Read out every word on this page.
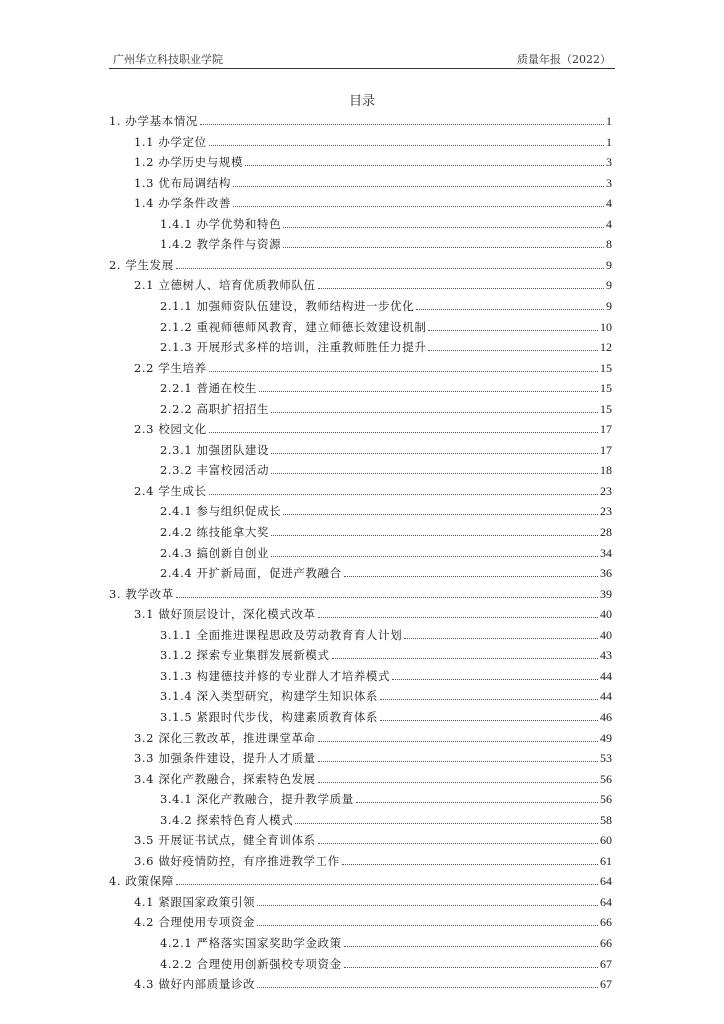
广州华立科技职业学院	质量年报（2022）
目录
1. 办学基本情况	1
1.1 办学定位	1
1.2 办学历史与规模	3
1.3 优布局调结构	3
1.4 办学条件改善	4
1.4.1 办学优势和特色	4
1.4.2 教学条件与资源	8
2. 学生发展	9
2.1 立德树人、培育优质教师队伍	9
2.1.1 加强师资队伍建设，教师结构进一步优化	9
2.1.2 重视师德师风教育，建立师德长效建设机制	10
2.1.3 开展形式多样的培训，注重教师胜任力提升	12
2.2 学生培养	15
2.2.1 普通在校生	15
2.2.2 高职扩招招生	15
2.3 校园文化	17
2.3.1 加强团队建设	17
2.3.2 丰富校园活动	18
2.4 学生成长	23
2.4.1 参与组织促成长	23
2.4.2 练技能拿大奖	28
2.4.3 搞创新自创业	34
2.4.4 开扩新局面，促进产教融合	36
3. 教学改革	39
3.1 做好顶层设计，深化模式改革	40
3.1.1 全面推进课程思政及劳动教育育人计划	40
3.1.2 探索专业集群发展新模式	43
3.1.3 构建德技并修的专业群人才培养模式	44
3.1.4 深入类型研究，构建学生知识体系	44
3.1.5 紧跟时代步伐，构建素质教育体系	46
3.2 深化三教改革，推进课堂革命	49
3.3 加强条件建设，提升人才质量	53
3.4 深化产教融合，探索特色发展	56
3.4.1 深化产教融合，提升教学质量	56
3.4.2 探索特色育人模式	58
3.5 开展证书试点，健全育训体系	60
3.6 做好疫情防控，有序推进教学工作	61
4. 政策保障	64
4.1 紧跟国家政策引领	64
4.2 合理使用专项资金	66
4.2.1 严格落实国家奖助学金政策	66
4.2.2 合理使用创新强校专项资金	67
4.3 做好内部质量诊改	67
